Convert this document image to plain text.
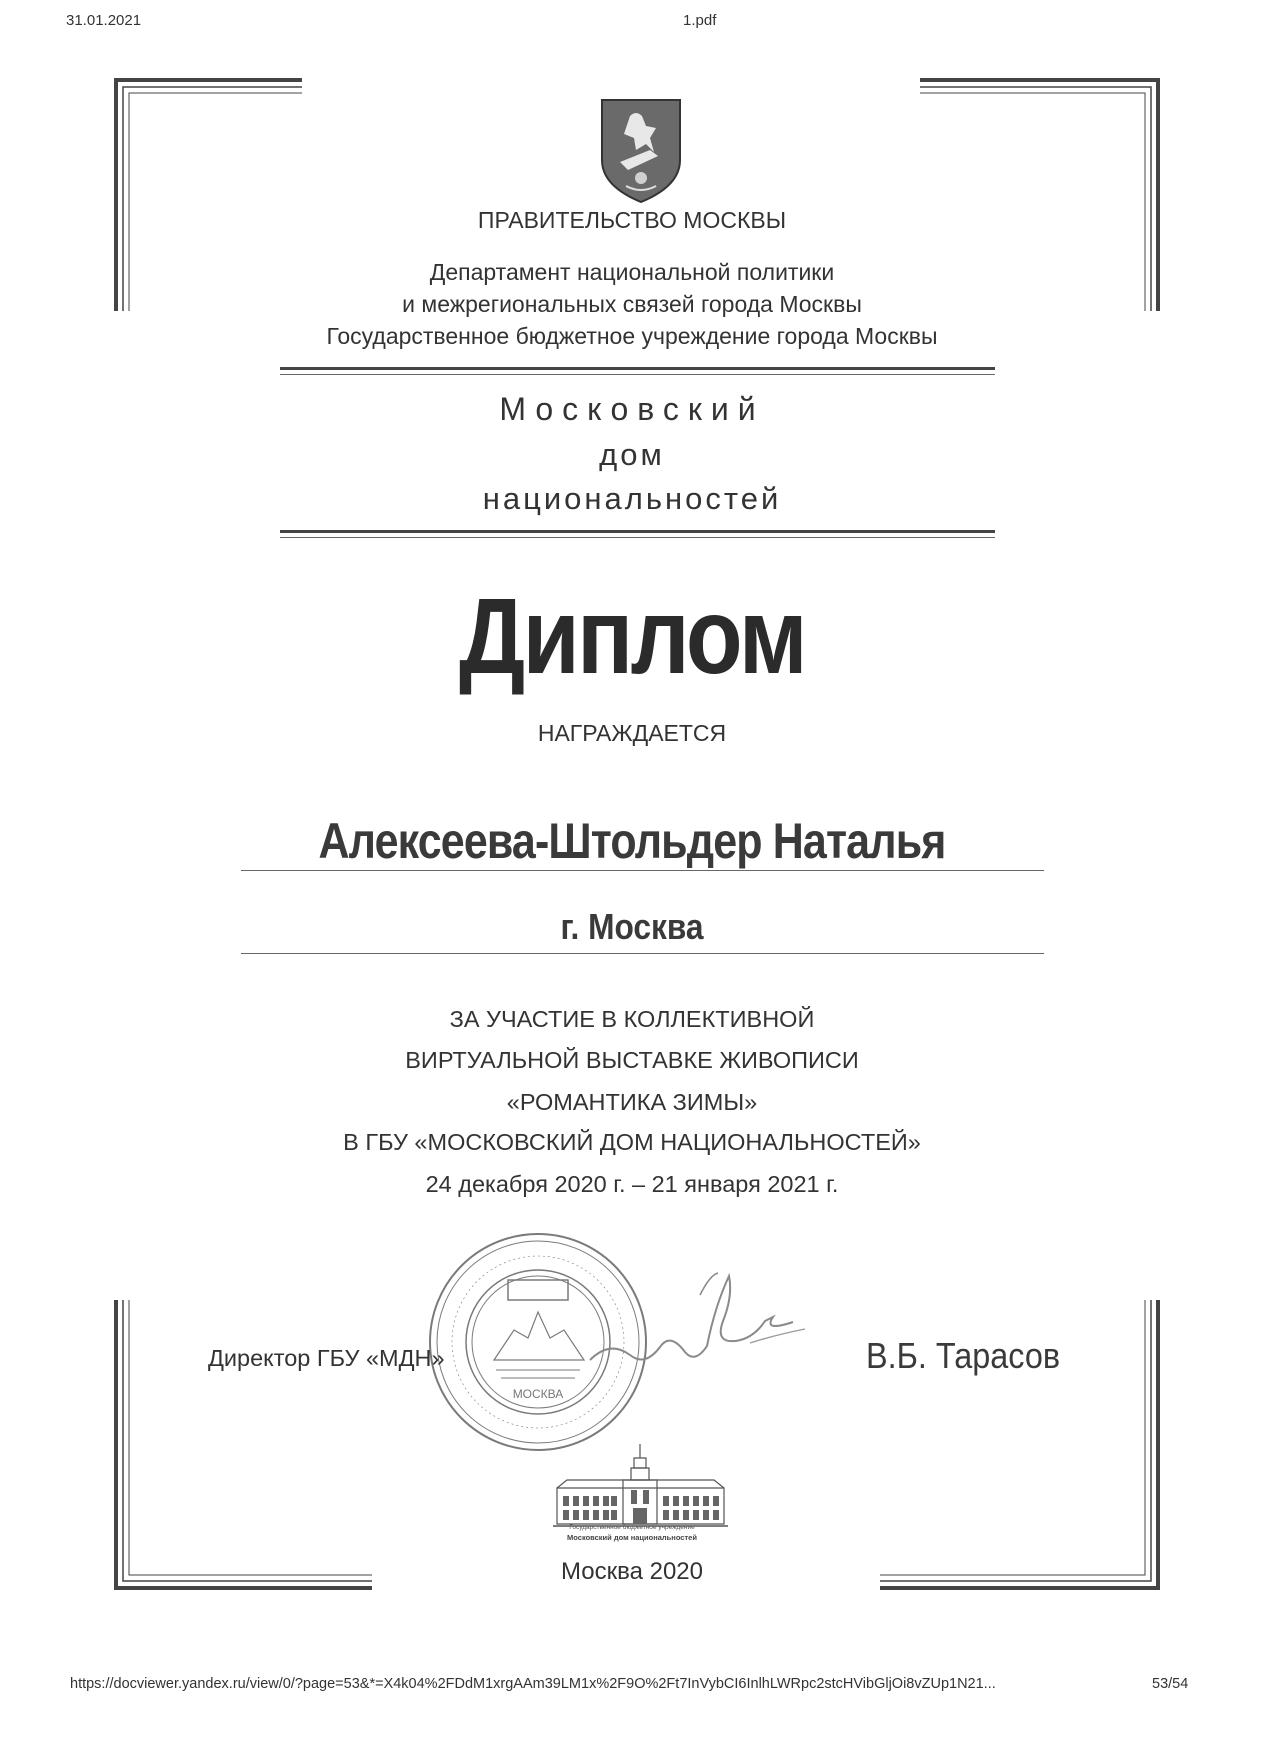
31.01.2021	1.pdf
ПРАВИТЕЛЬСТВО МОСКВЫ
Департамент национальной политики
и межрегиональных связей города Москвы
Государственное бюджетное учреждение города Москвы
Московский
дом
национальностей
Диплом
НАГРАЖДАЕТСЯ
Алексеева-Штольдер Наталья
г. Москва
ЗА УЧАСТИЕ В КОЛЛЕКТИВНОЙ
ВИРТУАЛЬНОЙ ВЫСТАВКЕ ЖИВОПИСИ
«РОМАНТИКА ЗИМЫ»
В ГБУ «МОСКОВСКИЙ ДОМ НАЦИОНАЛЬНОСТЕЙ»
24 декабря 2020 г. – 21 января 2021 г.
МОСКВА
Директор ГБУ «МДН»	В.Б. Тарасов
Государственное бюджетное учреждение
Московский дом национальностей
Москва 2020
https://docviewer.yandex.ru/view/0/?page=53&*=X4k04%2FDdM1xrgAAm39LM1x%2F9O%2Ft7InVybCI6InlhLWRpc2stcHVibGljOi8vZUp1N21...	53/54
